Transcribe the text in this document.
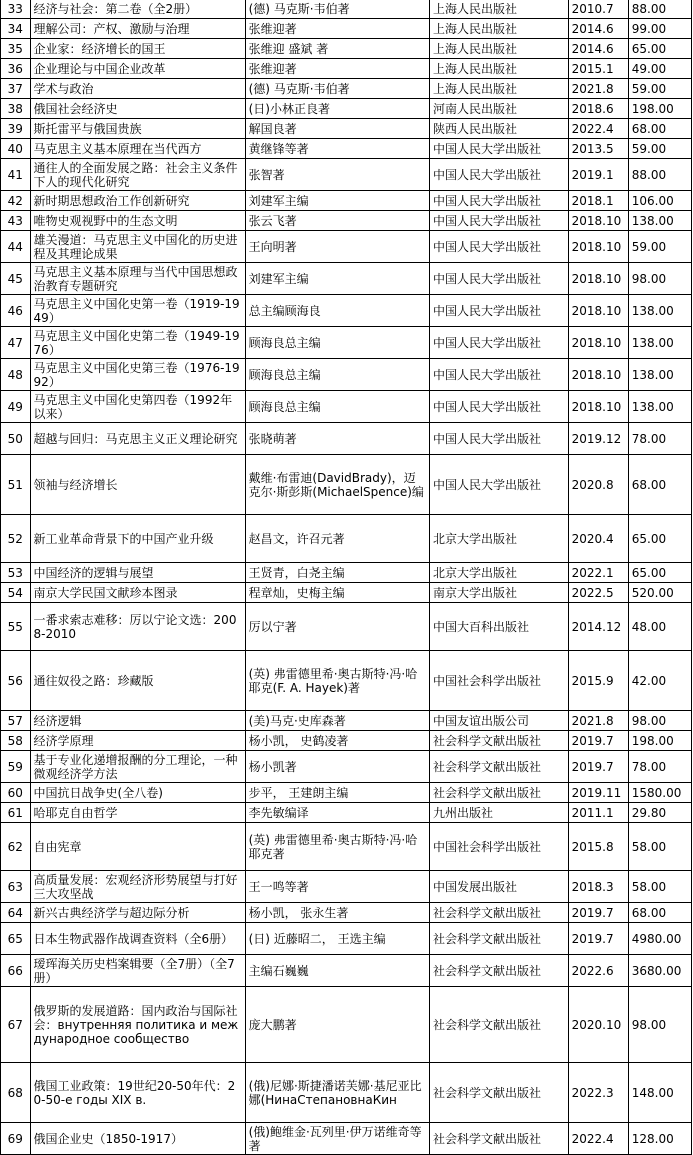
33	经济与社会：第二卷（全2册）	(德) 马克斯·韦伯著	上海人民出版社	2010.7	88.00
34	理解公司：产权、激励与治理	张维迎著	上海人民出版社	2014.6	99.00
35	企业家：经济增长的国王	张维迎 盛斌 著	上海人民出版社	2014.6	65.00
36	企业理论与中国企业改革	张维迎著	上海人民出版社	2015.1	49.00
37	学术与政治	(德) 马克斯·韦伯著	上海人民出版社	2021.8	59.00
38	俄国社会经济史	(日)小林正良著	河南人民出版社	2018.6	198.00
39	斯托雷平与俄国贵族	解国良著	陕西人民出版社	2022.4	68.00
40	马克思主义基本原理在当代西方	黄继锋等著	中国人民大学出版社	2013.5	59.00
41	通往人的全面发展之路：社会主义条件下人的现代化研究	张智著	中国人民大学出版社	2019.1	88.00
42	新时期思想政治工作创新研究	刘建军主编	中国人民大学出版社	2018.1	106.00
43	唯物史观视野中的生态文明	张云飞著	中国人民大学出版社	2018.10	138.00
44	雄关漫道：马克思主义中国化的历史进程及其理论成果	王向明著	中国人民大学出版社	2018.10	59.00
45	马克思主义基本原理与当代中国思想政治教育专题研究	刘建军主编	中国人民大学出版社	2018.10	98.00
46	马克思主义中国化史第一卷（1919-1949）	总主编顾海良	中国人民大学出版社	2018.10	138.00
47	马克思主义中国化史第二卷（1949-1976）	顾海良总主编	中国人民大学出版社	2018.10	138.00
48	马克思主义中国化史第三卷（1976-1992）	顾海良总主编	中国人民大学出版社	2018.10	138.00
49	马克思主义中国化史第四卷（1992年以来）	顾海良总主编	中国人民大学出版社	2018.10	138.00
50	超越与回归：马克思主义正义理论研究	张晓萌著	中国人民大学出版社	2019.12	78.00
51	领袖与经济增长	戴维·布雷迪(DavidBrady)，迈克尔·斯彭斯(MichaelSpence)编	中国人民大学出版社	2020.8	68.00
52	新工业革命背景下的中国产业升级	赵昌文，许召元著	北京大学出版社	2020.4	65.00
53	中国经济的逻辑与展望	王贤青，白尧主编	北京大学出版社	2022.1	65.00
54	南京大学民国文献珍本图录	程章灿，史梅主编	南京大学出版社	2022.5	520.00
55	一番求索志难移：厉以宁论文选：2008-2010	厉以宁著	中国大百科出版社	2014.12	48.00
56	通往奴役之路：珍藏版	(英) 弗雷德里希·奥古斯特·冯·哈耶克(F. A. Hayek)著	中国社会科学出版社	2015.9	42.00
57	经济逻辑	(美)马克·史库森著	中国友谊出版公司	2021.8	98.00
58	经济学原理	杨小凯， 史鹤凌著	社会科学文献出版社	2019.7	198.00
59	基于专业化递增报酬的分工理论，一种微观经济学方法	杨小凯著	社会科学文献出版社	2019.7	78.00
60	中国抗日战争史(全八卷)	步平， 王建朗主编	社会科学文献出版社	2019.11	1580.00
61	哈耶克自由哲学	李先敏编译	九州出版社	2011.1	29.80
62	自由宪章	(英) 弗雷德里希·奥古斯特·冯·哈耶克著	中国社会科学出版社	2015.8	58.00
63	高质量发展：宏观经济形势展望与打好三大攻坚战	王一鸣等著	中国发展出版社	2018.3	58.00
64	新兴古典经济学与超边际分析	杨小凯， 张永生著	社会科学文献出版社	2019.7	68.00
65	日本生物武器作战调查资料（全6册）	(日) 近藤昭二， 王选主编	社会科学文献出版社	2019.7	4980.00
66	瑷珲海关历史档案辑要（全7册）（全7册）	主编石巍巍	社会科学文献出版社	2022.6	3680.00
67	俄罗斯的发展道路：国内政治与国际社会：внутренняя политика и международное сообщество	庞大鹏著	社会科学文献出版社	2020.10	98.00
68	俄国工业政策：19世纪20-50年代：20-50-е годы XIX в.	(俄)尼娜·斯捷潘诺芙娜·基尼亚比娜(НинаСтепановнаКин	社会科学文献出版社	2022.3	148.00
69	俄国企业史（1850-1917）	(俄)鲍维金·瓦列里·伊万诺维奇等著	社会科学文献出版社	2022.4	128.00
